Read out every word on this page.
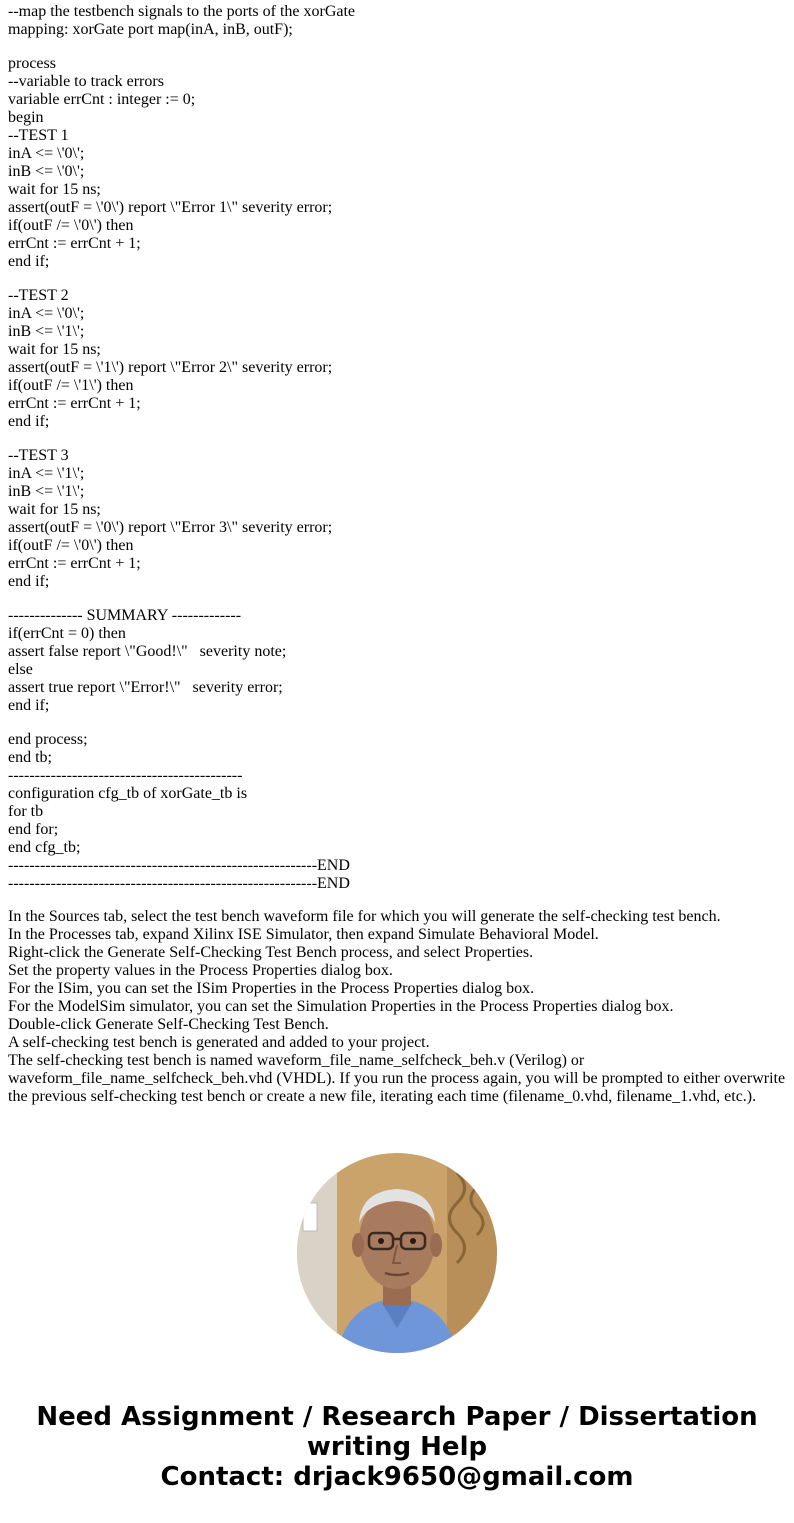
--map the testbench signals to the ports of the xorGate
mapping: xorGate port map(inA, inB, outF);
process
--variable to track errors
variable errCnt : integer := 0;
begin
--TEST 1
inA <= \'0\';
inB <= \'0\';
wait for 15 ns;
assert(outF = \'0\') report \"Error 1\" severity error;
if(outF /= \'0\') then
errCnt := errCnt + 1;
end if;
--TEST 2
inA <= \'0\';
inB <= \'1\';
wait for 15 ns;
assert(outF = \'1\') report \"Error 2\" severity error;
if(outF /= \'1\') then
errCnt := errCnt + 1;
end if;
--TEST 3
inA <= \'1\';
inB <= \'1\';
wait for 15 ns;
assert(outF = \'0\') report \"Error 3\" severity error;
if(outF /= \'0\') then
errCnt := errCnt + 1;
end if;
-------------- SUMMARY -------------
if(errCnt = 0) then
assert false report \"Good!\"   severity note;
else
assert true report \"Error!\"   severity error;
end if;
end process;
end tb;
--------------------------------------------
configuration cfg_tb of xorGate_tb is
for tb
end for;
end cfg_tb;
----------------------------------------------------------END
----------------------------------------------------------END
In the Sources tab, select the test bench waveform file for which you will generate the self-checking test bench.
In the Processes tab, expand Xilinx ISE Simulator, then expand Simulate Behavioral Model.
Right-click the Generate Self-Checking Test Bench process, and select Properties.
Set the property values in the Process Properties dialog box.
For the ISim, you can set the ISim Properties in the Process Properties dialog box.
For the ModelSim simulator, you can set the Simulation Properties in the Process Properties dialog box.
Double-click Generate Self-Checking Test Bench.
A self-checking test bench is generated and added to your project.
The self-checking test bench is named waveform_file_name_selfcheck_beh.v (Verilog) or waveform_file_name_selfcheck_beh.vhd (VHDL). If you run the process again, you will be prompted to either overwrite the previous self-checking test bench or create a new file, iterating each time (filename_0.vhd, filename_1.vhd, etc.).
Need Assignment / Research Paper / Dissertation
writing Help
Contact: drjack9650@gmail.com
